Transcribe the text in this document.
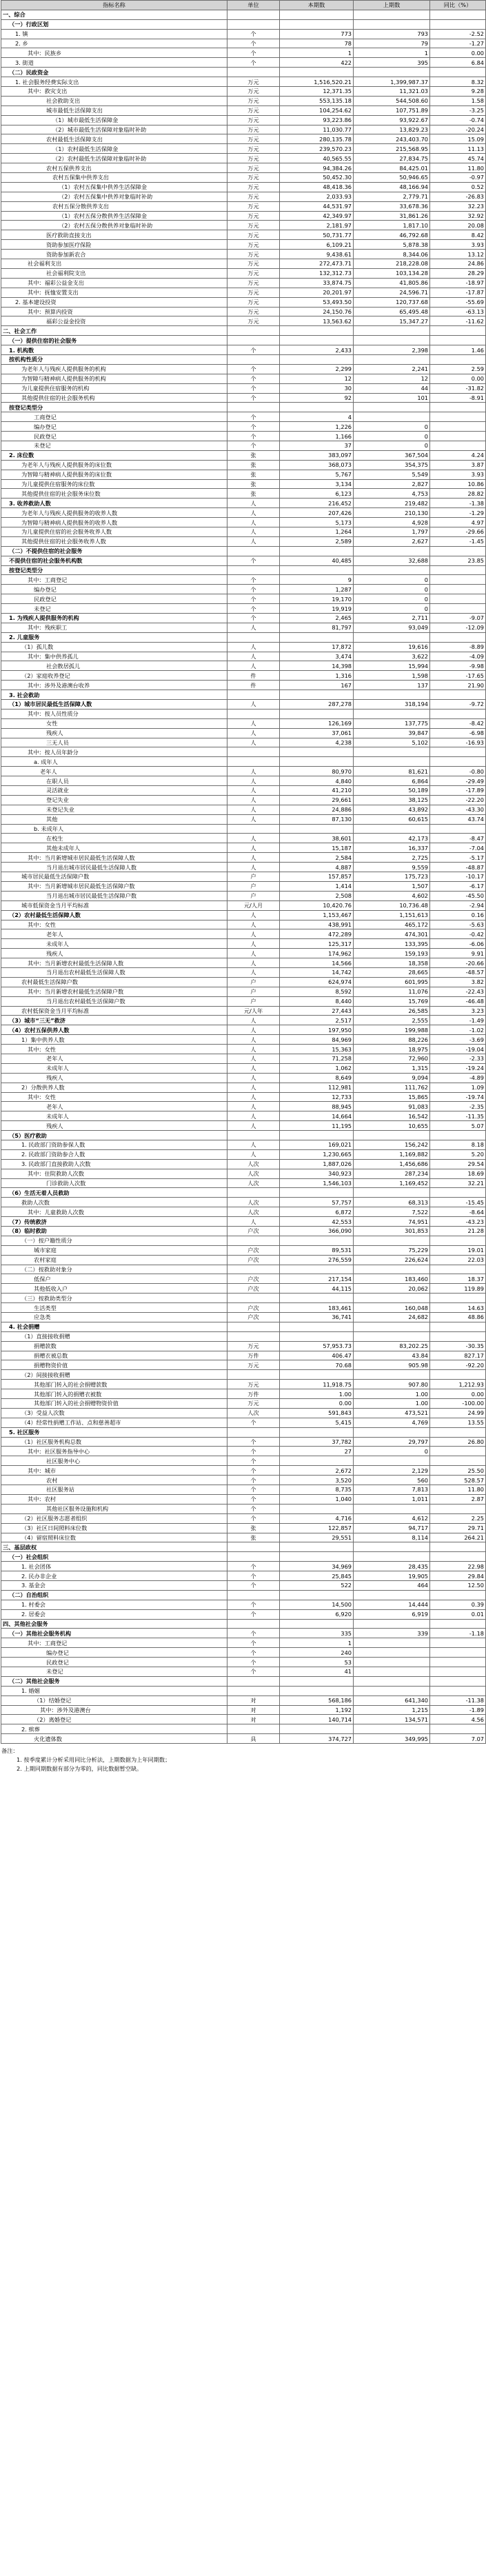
指标名称	单位	本期数	上期数	同比（%）
一、综合				
（一）行政区划				
1. 镇	个	773	793	-2.52
2. 乡	个	78	79	-1.27
其中：民族乡	个	1	1	0.00
3. 街道	个	422	395	6.84
（二）民政资金				
1. 社会服务经费实际支出	万元	1,516,520.21	1,399,987.37	8.32
其中：救灾支出	万元	12,371.35	11,321.03	9.28
社会救助支出	万元	553,135.18	544,508.60	1.58
城市最低生活保障支出	万元	104,254.62	107,751.89	-3.25
（1）城市最低生活保障金	万元	93,223.86	93,922.67	-0.74
（2）城市最低生活保障对象临时补助	万元	11,030.77	13,829.23	-20.24
农村最低生活保障支出	万元	280,135.78	243,403.70	15.09
（1）农村最低生活保障金	万元	239,570.23	215,568.95	11.13
（2）农村最低生活保障对象临时补助	万元	40,565.55	27,834.75	45.74
农村五保供养支出	万元	94,384.26	84,425.01	11.80
农村五保集中供养支出	万元	50,452.30	50,946.65	-0.97
（1）农村五保集中供养生活保障金	万元	48,418.36	48,166.94	0.52
（2）农村五保集中供养对象临时补助	万元	2,033.93	2,779.71	-26.83
农村五保分散供养支出	万元	44,531.97	33,678.36	32.23
（1）农村五保分散供养生活保障金	万元	42,349.97	31,861.26	32.92
（2）农村五保分散供养对象临时补助	万元	2,181.97	1,817.10	20.08
医疗救助直接支出	万元	50,731.77	46,792.68	8.42
资助参加医疗保险	万元	6,109.21	5,878.38	3.93
资助参加新农合	万元	9,438.61	8,344.06	13.12
社会福利支出	万元	272,473.71	218,228.08	24.86
社会福利院支出	万元	132,312.73	103,134.28	28.29
其中：福彩公益金支出	万元	33,874.75	41,805.86	-18.97
其中：抚恤安置支出	万元	20,201.97	24,596.71	-17.87
2. 基本建设投资	万元	53,493.50	120,737.68	-55.69
其中：预算内投资	万元	24,150.76	65,495.48	-63.13
福彩公益金投资	万元	13,563.62	15,347.27	-11.62
二、社会工作				
（一）提供住宿的社会服务				
1. 机构数	个	2,433	2,398	1.46
按机构性质分				
为老年人与残疾人提供服务的机构	个	2,299	2,241	2.59
为智障与精神病人提供服务的机构	个	12	12	0.00
为儿童提供住宿服务的机构	个	30	44	-31.82
其他提供住宿的社会服务机构	个	92	101	-8.91
按登记类型分				
工商登记	个	4		
编办登记	个	1,226	0	
民政登记	个	1,166	0	
未登记	个	37	0	
2. 床位数	张	383,097	367,504	4.24
为老年人与残疾人提供服务的床位数	张	368,073	354,375	3.87
为智障与精神病人提供服务的床位数	张	5,767	5,549	3.93
为儿童提供住宿服务的床位数	张	3,134	2,827	10.86
其他提供住宿的社会服务床位数	张	6,123	4,753	28.82
3. 收养救助人数	人	216,452	219,482	-1.38
为老年人与残疾人提供服务的收养人数	人	207,426	210,130	-1.29
为智障与精神病人提供服务的收养人数	人	5,173	4,928	4.97
为儿童提供住宿的社会服务收养人数	人	1,264	1,797	-29.66
其他提供住宿的社会服务收养人数	人	2,589	2,627	-1.45
（二）不提供住宿的社会服务				
不提供住宿的社会服务机构数	个	40,485	32,688	23.85
按登记类型分				
其中：工商登记	个	9	0	
编办登记	个	1,287	0	
民政登记	个	19,170	0	
未登记	个	19,919	0	
1. 为残疾人提供服务的机构	个	2,465	2,711	-9.07
其中：残疾职工	人	81,797	93,049	-12.09
2. 儿童服务				
（1）孤儿数	人	17,872	19,616	-8.89
其中：集中供养孤儿	人	3,474	3,622	-4.09
社会散居孤儿	人	14,398	15,994	-9.98
（2）家庭收养登记	件	1,316	1,598	-17.65
其中：涉外及港澳台收养	件	167	137	21.90
3. 社会救助				
（1）城市居民最低生活保障人数	人	287,278	318,194	-9.72
其中：按人员性质分				
女性	人	126,169	137,775	-8.42
残疾人	人	37,061	39,847	-6.98
三无人员	人	4,238	5,102	-16.93
其中：按人员年龄分				
a. 成年人				
老年人	人	80,970	81,621	-0.80
在职人员	人	4,840	6,864	-29.49
灵活就业	人	41,210	50,189	-17.89
登记失业	人	29,661	38,125	-22.20
未登记失业	人	24,886	43,892	-43.30
其他	人	87,130	60,615	43.74
b. 未成年人				
在校生	人	38,601	42,173	-8.47
其他未成年人	人	15,187	16,337	-7.04
其中：当月新增城市居民最低生活保障人数	人	2,584	2,725	-5.17
当月退出城市居民最低生活保障人数	人	4,887	9,559	-48.87
城市居民最低生活保障户数	户	157,857	175,723	-10.17
其中：当月新增城市居民最低生活保障户数	户	1,414	1,507	-6.17
当月退出城市居民最低生活保障户数	户	2,508	4,602	-45.50
城市低保资金当月平均标准	元/人月	10,420.76	10,736.48	-2.94
（2）农村最低生活保障人数	人	1,153,467	1,151,613	0.16
其中：女性	人	438,991	465,172	-5.63
老年人	人	472,289	474,301	-0.42
未成年人	人	125,317	133,395	-6.06
残疾人	人	174,962	159,193	9.91
其中：当月新增农村最低生活保障人数	人	14,566	18,358	-20.66
当月退出农村最低生活保障人数	人	14,742	28,665	-48.57
农村最低生活保障户数	户	624,974	601,995	3.82
其中：当月新增农村最低生活保障户数	户	8,592	11,076	-22.43
当月退出农村最低生活保障户数	户	8,440	15,769	-46.48
农村低保资金当月平均标准	元/人年	27,443	26,585	3.23
（3）城市“三无”救济	人	2,517	2,555	-1.49
（4）农村五保供养人数	人	197,950	199,988	-1.02
1）集中供养人数	人	84,969	88,226	-3.69
其中：女性	人	15,363	18,975	-19.04
老年人	人	71,258	72,960	-2.33
未成年人	人	1,062	1,315	-19.24
残疾人	人	8,649	9,094	-4.89
2）分散供养人数	人	112,981	111,762	1.09
其中：女性	人	12,733	15,865	-19.74
老年人	人	88,945	91,083	-2.35
未成年人	人	14,664	16,542	-11.35
残疾人	人	11,195	10,655	5.07
（5）医疗救助				
1. 民政部门资助参保人数	人	169,021	156,242	8.18
2. 民政部门资助参合人数	人	1,230,665	1,169,882	5.20
3. 民政部门直接救助人次数	人次	1,887,026	1,456,686	29.54
其中：住院救助人次数	人次	340,923	287,234	18.69
门诊救助人次数	人次	1,546,103	1,169,452	32.21
（6）生活无着人员救助				
救助人次数	人次	57,757	68,313	-15.45
其中：儿童救助人次数	人次	6,872	7,522	-8.64
（7）传统救济	人	42,553	74,951	-43.23
（8）临时救助	户次	366,090	301,853	21.28
（一）按户籍性质分				
城市家庭	户次	89,531	75,229	19.01
农村家庭	户次	276,559	226,624	22.03
（二）按救助对象分				
低保户	户次	217,154	183,460	18.37
其他低收入户	户次	44,115	20,062	119.89
（三）按救助类型分				
生活类型	户次	183,461	160,048	14.63
应急类	户次	36,741	24,682	48.86
4. 社会捐赠				
（1）直接接收捐赠				
捐赠款数	万元	57,953.73	83,202.25	-30.35
捐赠衣被总数	万件	406.47	43.84	827.17
捐赠物资价值	万元	70.68	905.98	-92.20
（2）间接接收捐赠				
其他部门转入的社会捐赠款数	万元	11,918.75	907.80	1,212.93
其他部门转入的捐赠衣被数	万件	1.00	1.00	0.00
其他部门转入的社会捐赠物资价值	万元	0.00	1.00	-100.00
（3）受益人次数	人次	591,843	473,521	24.99
（4）经常性捐赠工作站、点和慈善超市	个	5,415	4,769	13.55
5. 社区服务				
（1）社区服务机构总数	个	37,782	29,797	26.80
其中：社区服务指导中心	个	27	0	
社区服务中心	个			
其中：城市	个	2,672	2,129	25.50
农村	个	3,520	560	528.57
社区服务站	个	8,735	7,813	11.80
其中：农村	个	1,040	1,011	2.87
其他社区服务设施和机构	个			
（2）社区服务志愿者组织	个	4,716	4,612	2.25
（3）社区日间照料床位数	张	122,857	94,717	29.71
（4）留宿照料床位数	张	29,551	8,114	264.21
三、基层政权				
（一）社会组织				
1. 社会团体	个	34,969	28,435	22.98
2. 民办非企业	个	25,845	19,905	29.84
3. 基金会	个	522	464	12.50
（二）自治组织				
1. 村委会	个	14,500	14,444	0.39
2. 居委会	个	6,920	6,919	0.01
四、其他社会服务				
（一）其他社会服务机构	个	335	339	-1.18
其中：工商登记	个	1		
编办登记	个	240		
民政登记	个	53		
未登记	个	41		
（二）其他社会服务				
1. 婚姻				
（1）结婚登记	对	568,186	641,340	-11.38
其中：涉外及港澳台	对	1,192	1,215	-1.89
（2）离婚登记	对	140,714	134,571	4.56
2. 殡葬				
火化遗体数	具	374,727	349,995	7.07
备注：
1. 按季度累计分析采用同比分析法，上期数据为上年同期数；
2. 上期同期数据有部分为零的，同比数据暂空缺。
